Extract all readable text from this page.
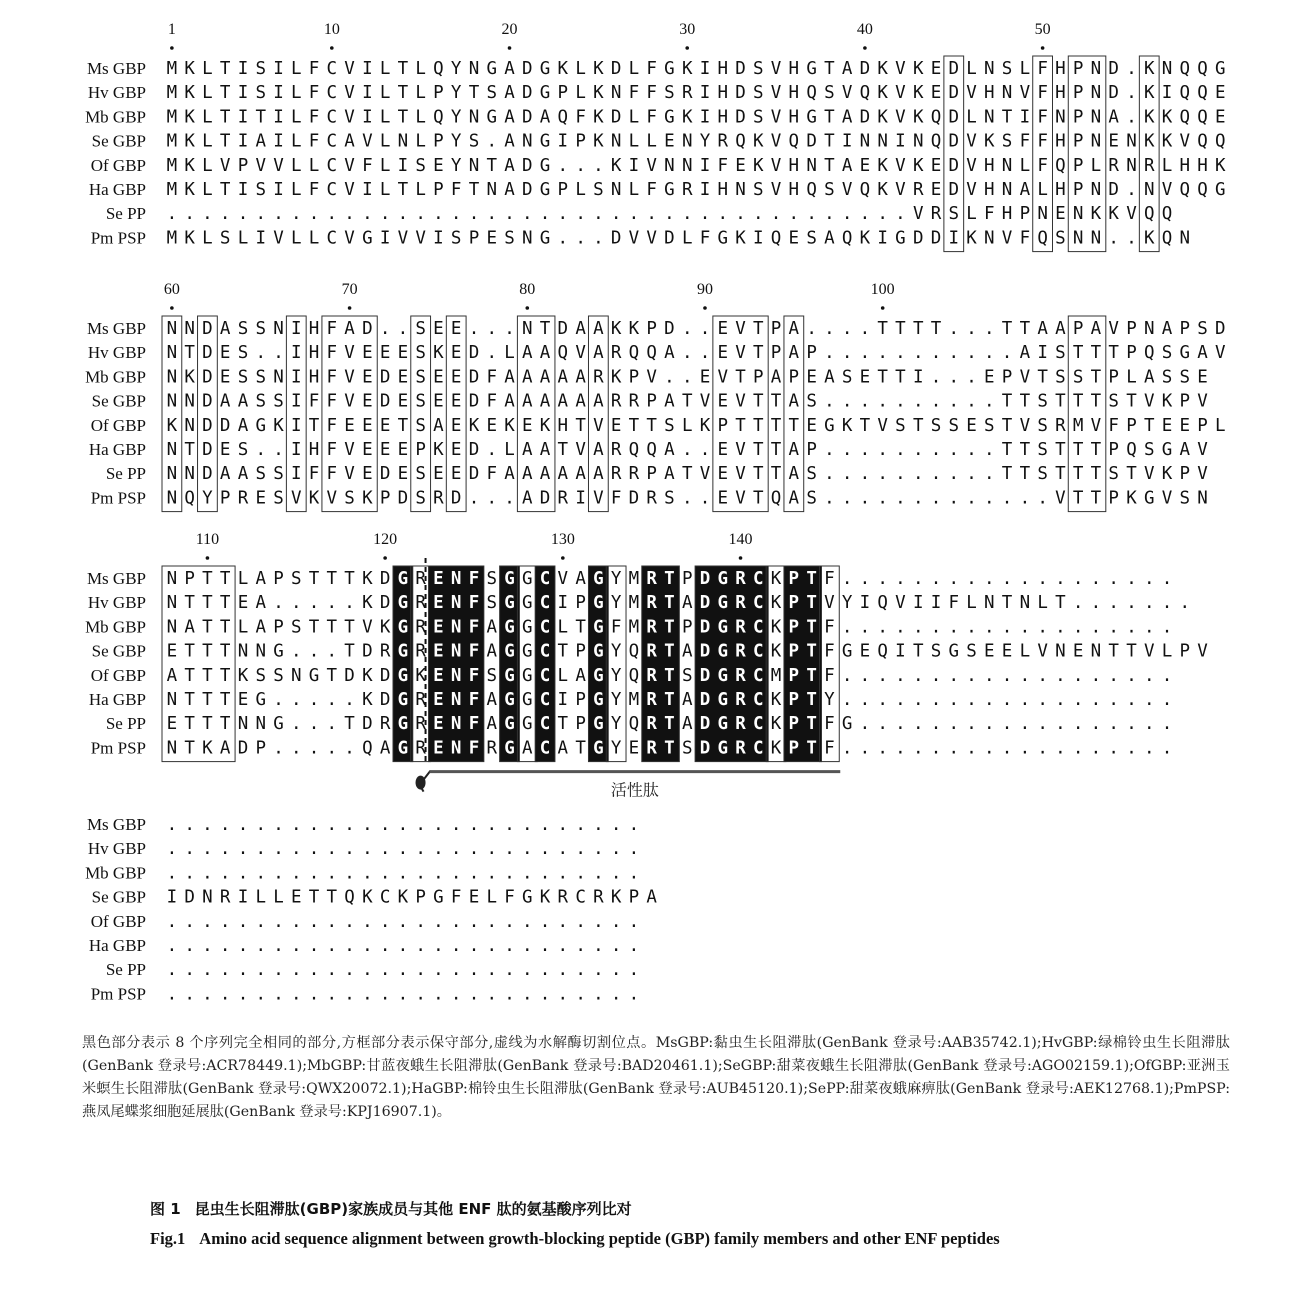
1	10	20	30	40	50
Ms GBP M K L T I S I L F C V I L T L Q Y N G A D G K L K D L F G K I H D S V H G T A D K V K E D L N S L F H P N D . K N Q Q G
Hv GBP M K L T I S I L F C V I L T L P Y T S A D G P L K N F F S R I H D S V H Q S V Q K V K E D V H N V F H P N D . K I Q Q E
Mb GBP M K L T I T I L F C V I L T L Q Y N G A D A Q F K D L F G K I H D S V H G T A D K V K Q D L N T I F N P N A . K K Q Q E
Se GBP M K L T I A I L F C A V L N L P Y S . A N G I P K N L L E N Y R Q K V Q D T I N N I N Q D V K S F F H P N E N K K V Q Q
Of GBP M K L V P V V L L C V F L I S E Y N T A D G . . . K I V N N I F E K V H N T A E K V K E D V H N L F Q P L R N R L H H K
Ha GBP M K L T I S I L F C V I L T L P F T N A D G P L S N L F G R I H N S V H Q S V Q K V R E D V H N A L H P N D . N V Q Q G
Se PP . . . . . . . . . . . . . . . . . . . . . . . . . . . . . . . . . . . . . . . . . . V R S L F H P N E N K K V Q Q
Pm PSP M K L S L I V L L C V G I V V I S P E S N G . . . D V V D L F G K I Q E S A Q K I G D D I K N V F Q S N N . . K Q N
60	70	80	90	100
Ms GBP N N D A S S N I H F A D . . S E E . . . N T D A A K K P D . . E V T P A . . . . T T T T . . . T T A A P A V P N A P S D
Hv GBP N T D E S . . I H F V E E E S K E D . L A A Q V A R Q Q A . . E V T P A P . . . . . . . . . . . A I S T T T P Q S G A V
Mb GBP N K D E S S N I H F V E D E S E E D F A A A A A R K P V . . E V T P A P E A S E T T I . . . E P V T S S T P L A S S E
Se GBP N N D A A S S I F F V E D E S E E D F A A A A A A R R P A T V E V T T A S . . . . . . . . . . T T S T T T S T V K P V
Of GBP K N D D A G K I T F E E E T S A E K E K E K H T V E T T S L K P T T T T E G K T V S T S S E S T V S R M V F P T E E P L
Ha GBP N T D E S . . I H F V E E E P K E D . L A A T V A R Q Q A . . E V T T A P . . . . . . . . . . T T S T T T P Q S G A V
Se PP N N D A A S S I F F V E D E S E E D F A A A A A A R R P A T V E V T T A S . . . . . . . . . . T T S T T T S T V K P V
Pm PSP N Q Y P R E S V K V S K P D S R D . . . A D R I V F D R S . . E V T Q A S . . . . . . . . . . . . . V T T P K G V S N
110	120	130	140
Ms GBP N P T T L A P S T T T K D G R E N F S G G C V A G Y M R T P D G R C K P T F . . . . . . . . . . . . . . . . . . .
Hv GBP N T T T E A . . . . . K D G R E N F S G G C I P G Y M R T A D G R C K P T V Y I Q V I I F L N T N L T . . . . . . .
Mb GBP N A T T L A P S T T T V K G R E N F A G G C L T G F M R T P D G R C K P T F . . . . . . . . . . . . . . . . . . .
Se GBP E T T T N N G . . . T D R G R E N F A G G C T P G Y Q R T A D G R C K P T F G E Q I T S G S E E L V N E N T T V L P V
Of GBP A T T T K S S N G T D K D G K E N F S G G C L A G Y Q R T S D G R C M P T F . . . . . . . . . . . . . . . . . . .
Ha GBP N T T T E G . . . . . K D G R E N F A G G C I P G Y M R T A D G R C K P T Y . . . . . . . . . . . . . . . . . . .
Se PP E T T T N N G . . . T D R G R E N F A G G C T P G Y Q R T A D G R C K P T F G . . . . . . . . . . . . . . . . . .
Pm PSP N T K A D P . . . . . Q A G R E N F R G A C A T G Y E R T S D G R C K P T F . . . . . . . . . . . . . . . . . . .
活性肽
Ms GBP . . . . . . . . . . . . . . . . . . . . . . . . . . .
Hv GBP . . . . . . . . . . . . . . . . . . . . . . . . . . .
Mb GBP . . . . . . . . . . . . . . . . . . . . . . . . . . .
Se GBP I D N R I L L E T T Q K C K P G F E L F G K R C R K P A
Of GBP . . . . . . . . . . . . . . . . . . . . . . . . . . .
Ha GBP . . . . . . . . . . . . . . . . . . . . . . . . . . .
Se PP . . . . . . . . . . . . . . . . . . . . . . . . . . .
Pm PSP . . . . . . . . . . . . . . . . . . . . . . . . . . .
黑色部分表示 8 个序列完全相同的部分,方框部分表示保守部分,虚线为水解酶切割位点。MsGBP:黏虫生长阻滞肽(GenBank 登录号:AAB35742.1);HvGBP:绿棉铃虫生长阻滞肽(GenBank 登录号:ACR78449.1);MbGBP:甘蓝夜蛾生长阻滞肽(GenBank 登录号:BAD20461.1);SeGBP:甜菜夜蛾生长阻滞肽(GenBank 登录号:AGO02159.1);OfGBP:亚洲玉米螟生长阻滞肽(GenBank 登录号:QWX20072.1);HaGBP:棉铃虫生长阻滞肽(GenBank 登录号:AUB45120.1);SePP:甜菜夜蛾麻痹肽(GenBank 登录号:AEK12768.1);PmPSP:燕凤尾蝶浆细胞延展肽(GenBank 登录号:KPJ16907.1)。
图 1 昆虫生长阻滞肽(GBP)家族成员与其他 ENF 肽的氨基酸序列比对
Fig.1 Amino acid sequence alignment between growth-blocking peptide (GBP) family members and other ENF peptides
